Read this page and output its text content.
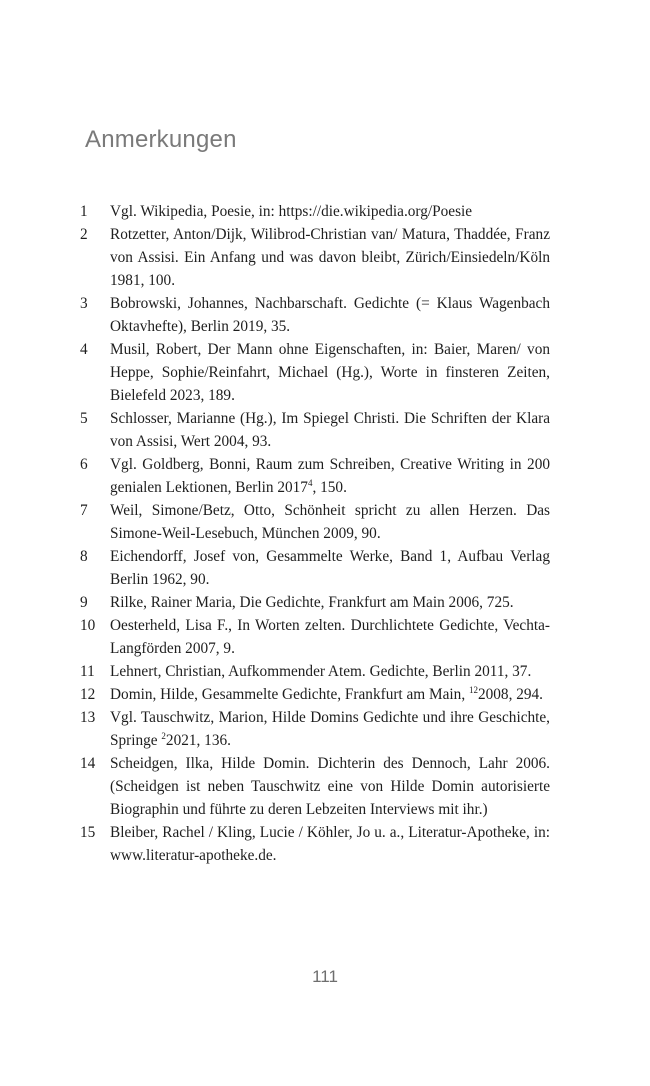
Anmerkungen
1	Vgl. Wikipedia, Poesie, in: https://die.wikipedia.org/Poesie
2	Rotzetter, Anton/Dijk, Wilibrod-Christian van/ Matura, Thaddée, Franz von Assisi. Ein Anfang und was davon bleibt, Zürich/Einsiedeln/Köln 1981, 100.
3	Bobrowski, Johannes, Nachbarschaft. Gedichte (= Klaus Wagenbach Oktavhefte), Berlin 2019, 35.
4	Musil, Robert, Der Mann ohne Eigenschaften, in: Baier, Maren/ von Heppe, Sophie/Reinfahrt, Michael (Hg.), Worte in finsteren Zeiten, Bielefeld 2023, 189.
5	Schlosser, Marianne (Hg.), Im Spiegel Christi. Die Schriften der Klara von Assisi, Wert 2004, 93.
6	Vgl. Goldberg, Bonni, Raum zum Schreiben, Creative Writing in 200 genialen Lektionen, Berlin 2017$^4$, 150.
7	Weil, Simone/Betz, Otto, Schönheit spricht zu allen Herzen. Das Simone-Weil-Lesebuch, München 2009, 90.
8	Eichendorff, Josef von, Gesammelte Werke, Band 1, Aufbau Verlag Berlin 1962, 90.
9	Rilke, Rainer Maria, Die Gedichte, Frankfurt am Main 2006, 725.
10 Oesterheld, Lisa F., In Worten zelten. Durchlichtete Gedichte, Vechta-Langförden 2007, 9.
11 Lehnert, Christian, Aufkommender Atem. Gedichte, Berlin 2011, 37.
12 Domin, Hilde, Gesammelte Gedichte, Frankfurt am Main, $^{12}$2008, 294.
13 Vgl. Tauschwitz, Marion, Hilde Domins Gedichte und ihre Geschichte, Springe $^2$2021, 136.
14 Scheidgen, Ilka, Hilde Domin. Dichterin des Dennoch, Lahr 2006. (Scheidgen ist neben Tauschwitz eine von Hilde Domin autorisierte Biographin und führte zu deren Lebzeiten Interviews mit ihr.)
15 Bleiber, Rachel / Kling, Lucie / Köhler, Jo u. a., Literatur-Apotheke, in: www.literatur-apotheke.de.
111
